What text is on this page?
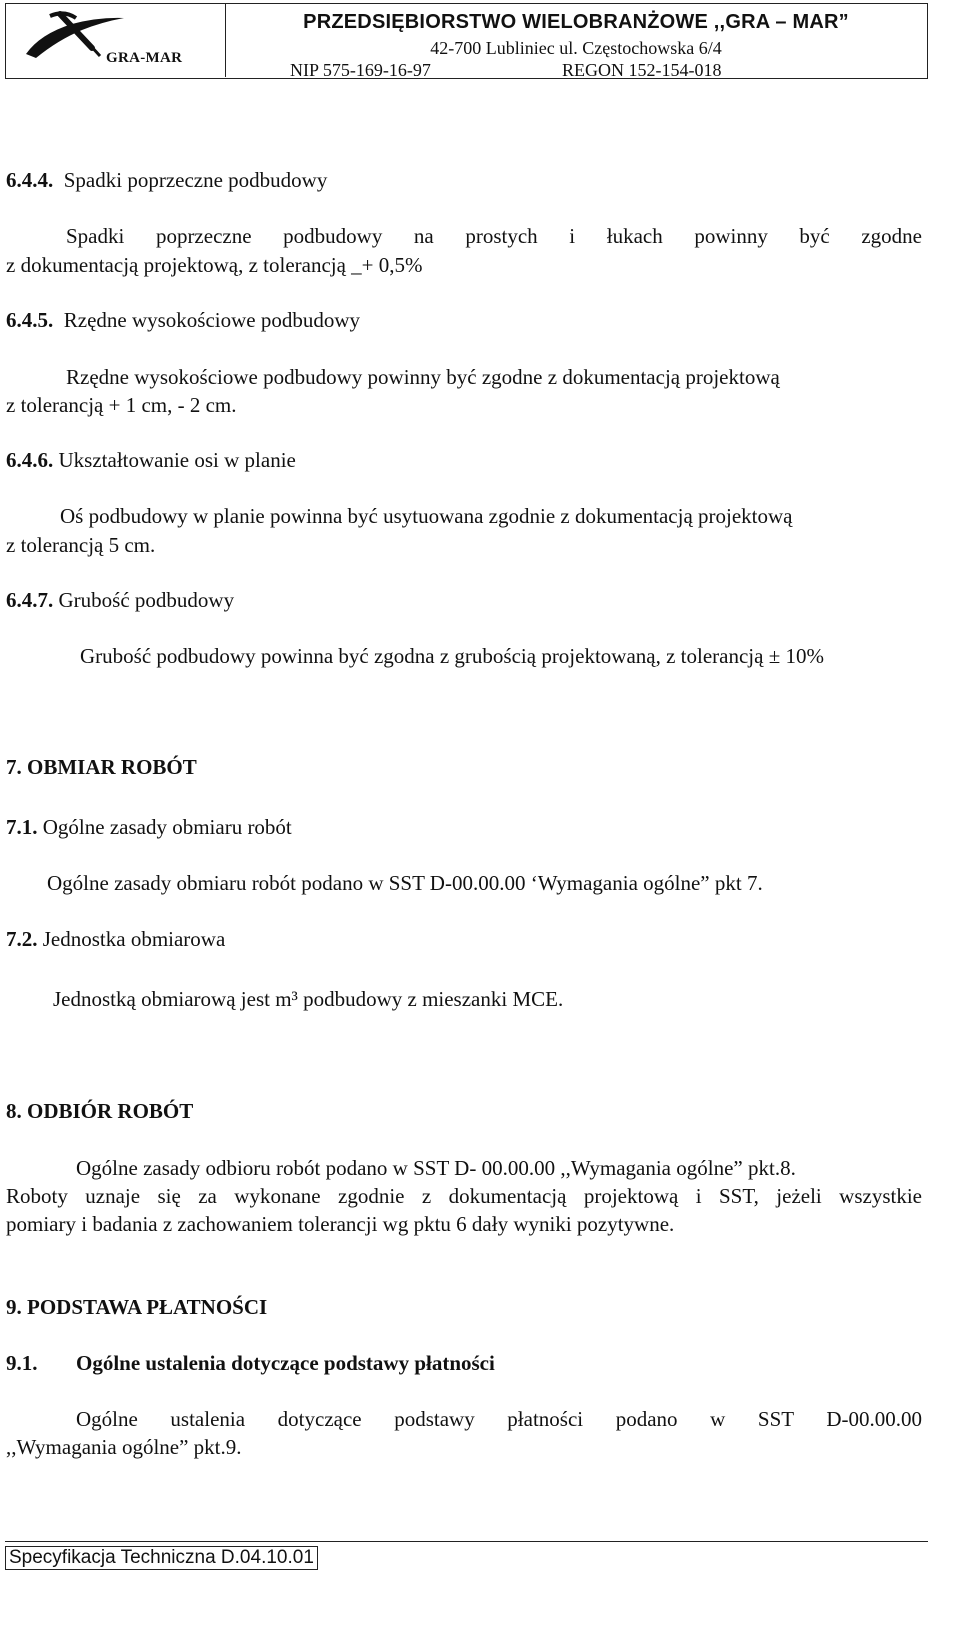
GRA-MAR
PRZEDSIĘBIORSTWO WIELOBRANŻOWE ,,GRA – MAR”
42-700 Lubliniec ul. Częstochowska 6/4
NIP 575-169-16-97	REGON 152-154-018
6.4.4. Spadki poprzeczne podbudowy
Spadki poprzeczne podbudowy na prostych i łukach powinny być zgodne
z dokumentacją projektową, z tolerancją _+ 0,5%
6.4.5. Rzędne wysokościowe podbudowy
Rzędne wysokościowe podbudowy powinny być zgodne z dokumentacją projektową
z tolerancją + 1 cm, - 2 cm.
6.4.6. Ukształtowanie osi w planie
Oś podbudowy w planie powinna być usytuowana zgodnie z dokumentacją projektową
z tolerancją 5 cm.
6.4.7. Grubość podbudowy
Grubość podbudowy powinna być zgodna z grubością projektowaną, z tolerancją ± 10%
7. OBMIAR ROBÓT
7.1. Ogólne zasady obmiaru robót
Ogólne zasady obmiaru robót podano w SST D-00.00.00 ‘Wymagania ogólne” pkt 7.
7.2. Jednostka obmiarowa
Jednostką obmiarową jest m³ podbudowy z mieszanki MCE.
8. ODBIÓR ROBÓT
Ogólne zasady odbioru robót podano w SST D- 00.00.00 ,,Wymagania ogólne” pkt.8.
Roboty uznaje się za wykonane zgodnie z dokumentacją projektową i SST, jeżeli wszystkie
pomiary i badania z zachowaniem tolerancji wg pktu 6 dały wyniki pozytywne.
9. PODSTAWA PŁATNOŚCI
9.1. Ogólne ustalenia dotyczące podstawy płatności
Ogólne ustalenia dotyczące podstawy płatności podano w SST D-00.00.00
,,Wymagania ogólne” pkt.9.
Specyfikacja Techniczna D.04.10.01
